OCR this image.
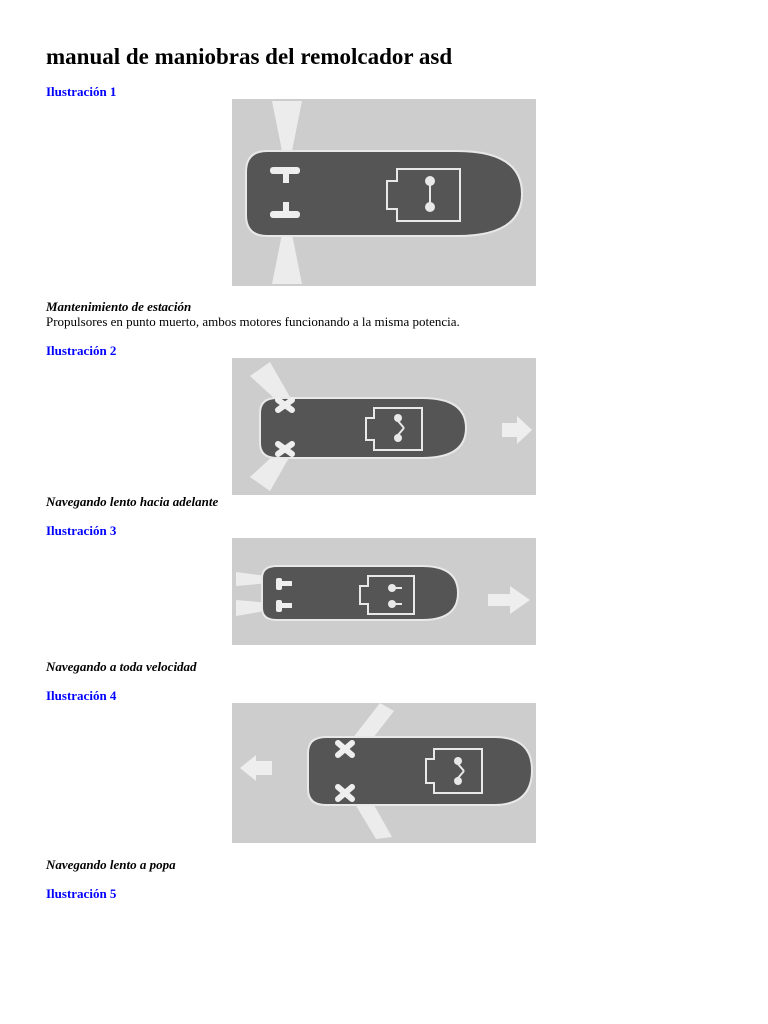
manual de maniobras del remolcador asd
Ilustración 1
Mantenimiento de estación
Propulsores en punto muerto, ambos motores funcionando a la misma potencia.
Ilustración 2
Navegando lento hacia adelante
Ilustración 3
Navegando a toda velocidad
Ilustración 4
Navegando lento a popa
Ilustración 5
